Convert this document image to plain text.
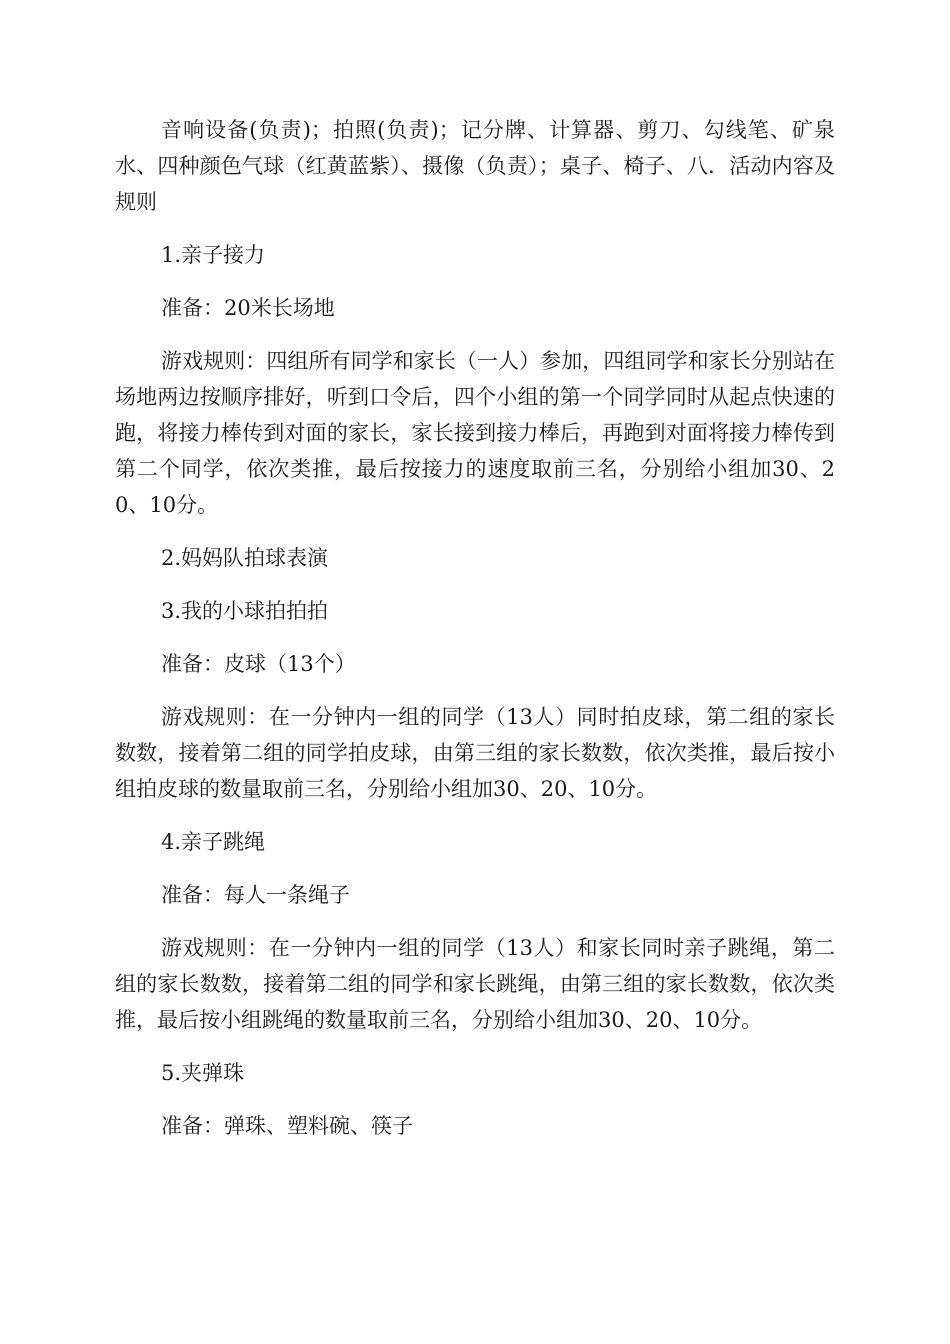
音响设备(负责)；拍照(负责)；记分牌、计算器、剪刀、勾线笔、矿泉水、四种颜色气球（红黄蓝紫）、摄像（负责）；桌子、椅子、八．活动内容及规则

1.亲子接力

准备：20米长场地

游戏规则：四组所有同学和家长（一人）参加，四组同学和家长分别站在场地两边按顺序排好，听到口令后，四个小组的第一个同学同时从起点快速的跑，将接力棒传到对面的家长，家长接到接力棒后，再跑到对面将接力棒传到第二个同学，依次类推，最后按接力的速度取前三名，分别给小组加30、20、10分。

2.妈妈队拍球表演

3.我的小球拍拍拍

准备：皮球（13个）

游戏规则：在一分钟内一组的同学（13人）同时拍皮球，第二组的家长数数，接着第二组的同学拍皮球，由第三组的家长数数，依次类推，最后按小组拍皮球的数量取前三名，分别给小组加30、20、10分。

4.亲子跳绳

准备：每人一条绳子

游戏规则：在一分钟内一组的同学（13人）和家长同时亲子跳绳，第二组的家长数数，接着第二组的同学和家长跳绳，由第三组的家长数数，依次类推，最后按小组跳绳的数量取前三名，分别给小组加30、20、10分。

5.夹弹珠

准备：弹珠、塑料碗、筷子
